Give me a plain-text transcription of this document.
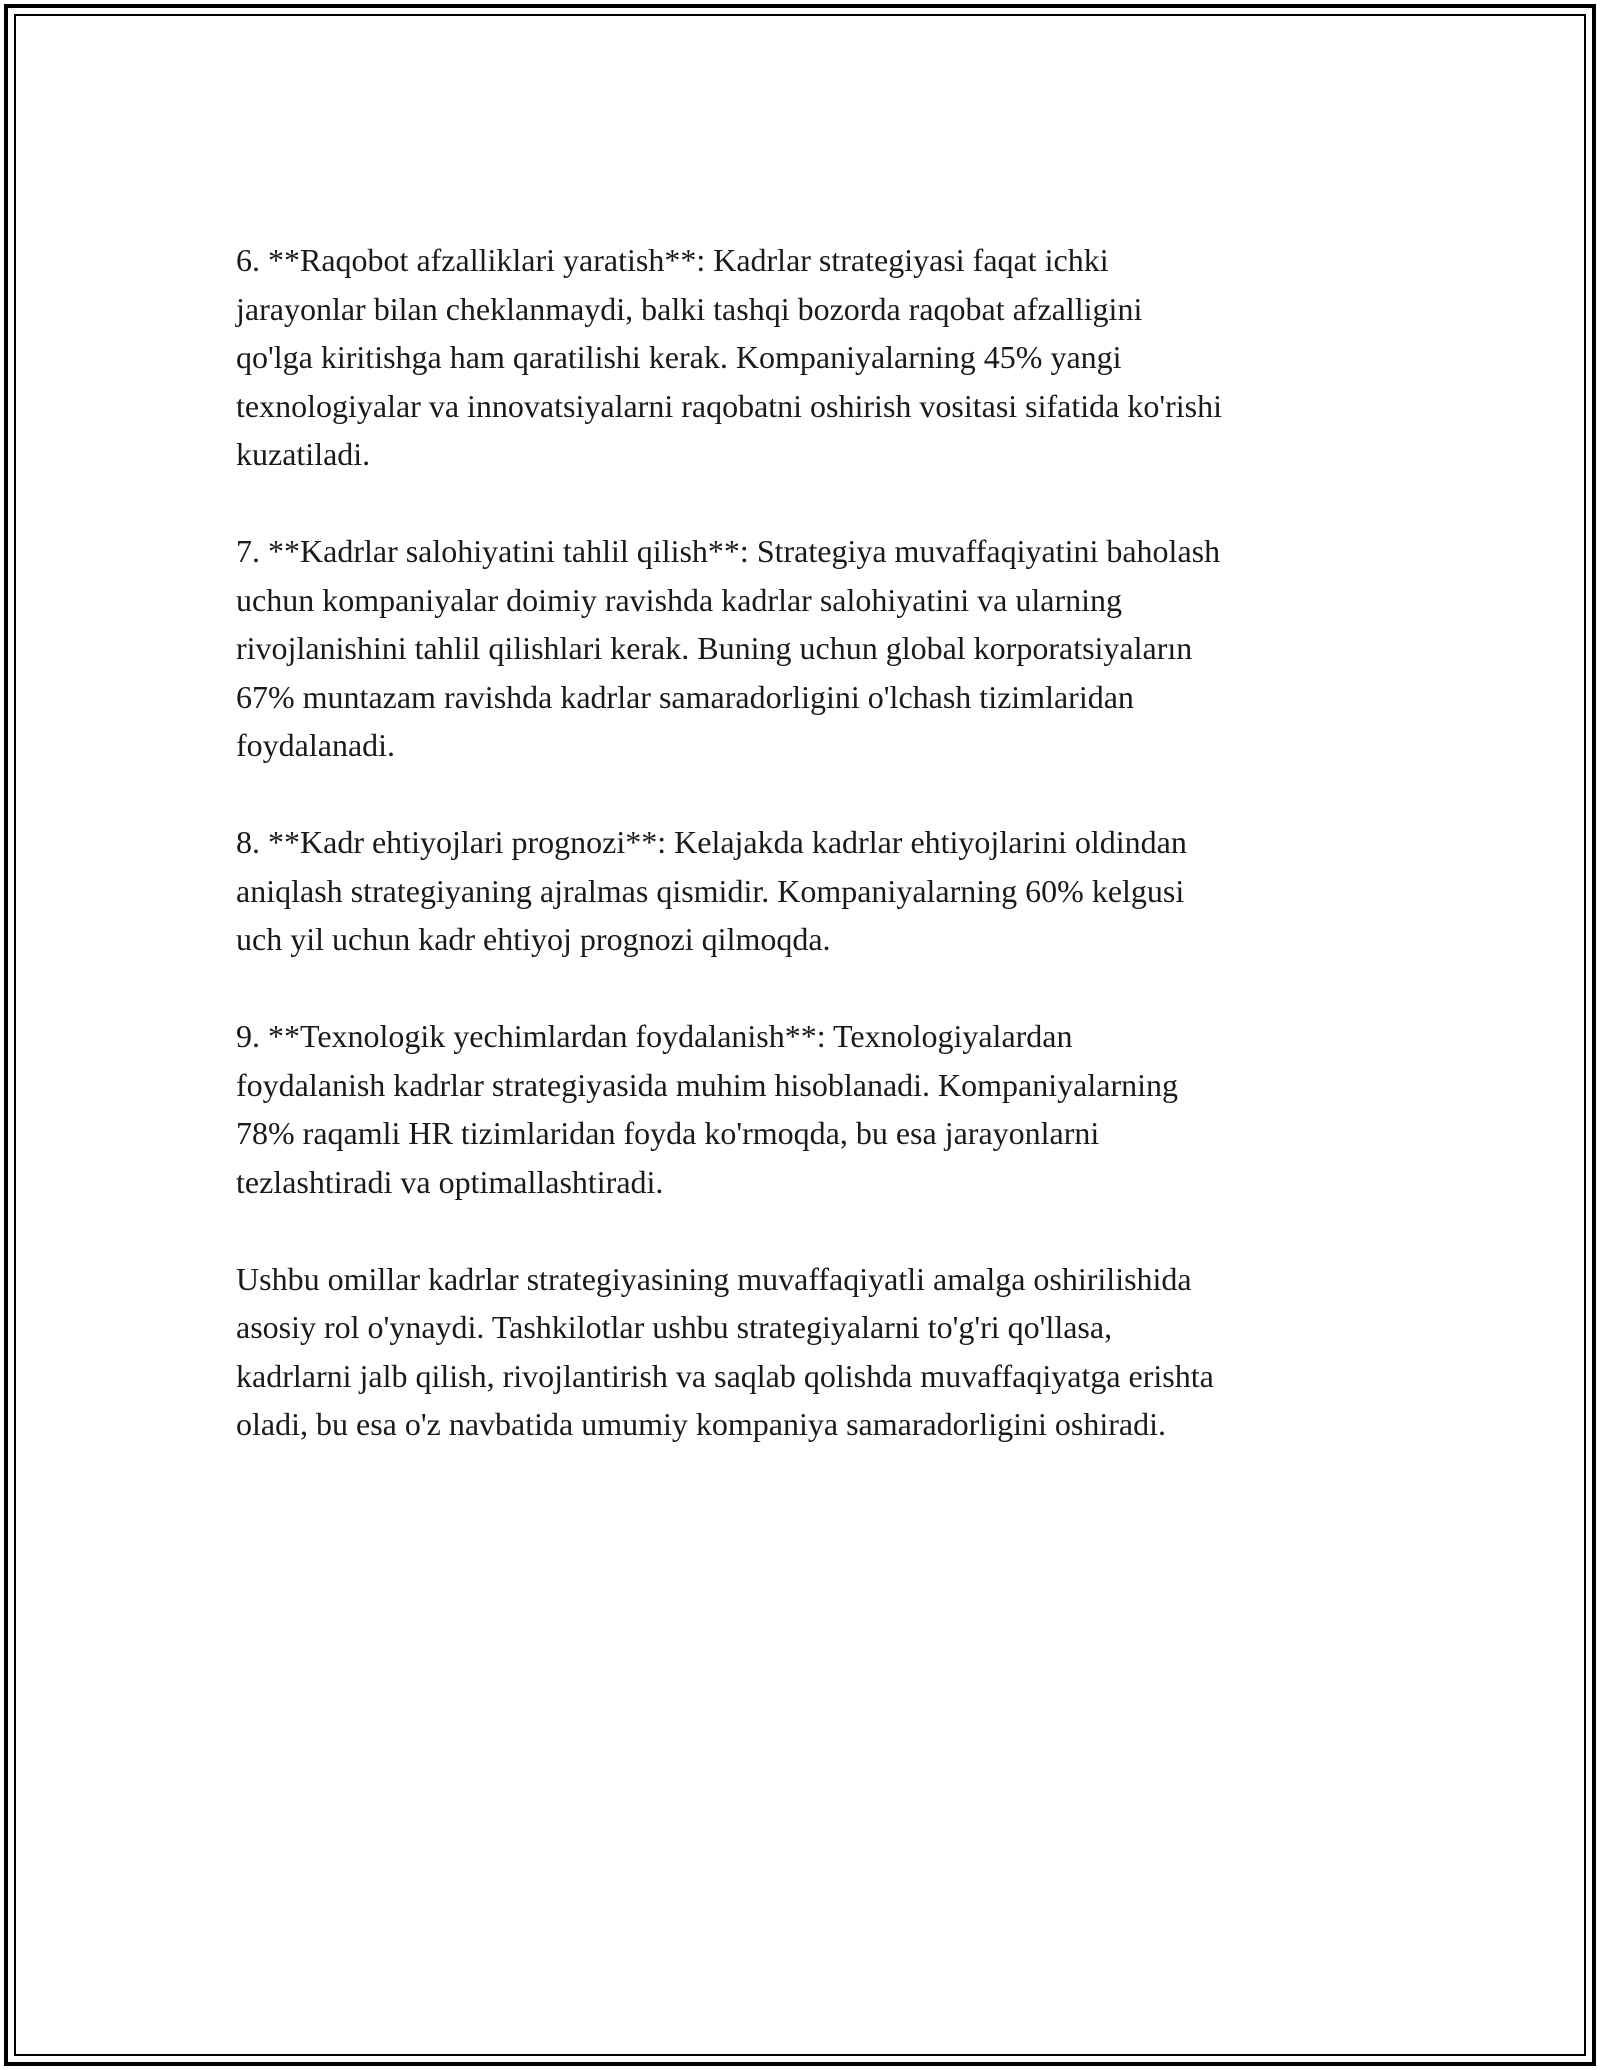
6. **Raqobot afzalliklari yaratish**: Kadrlar strategiyasi faqat ichki
jarayonlar bilan cheklanmaydi, balki tashqi bozorda raqobat afzalligini
qo'lga kiritishga ham qaratilishi kerak. Kompaniyalarning 45% yangi
texnologiyalar va innovatsiyalarni raqobatni oshirish vositasi sifatida ko'rishi
kuzatiladi.

7. **Kadrlar salohiyatini tahlil qilish**: Strategiya muvaffaqiyatini baholash
uchun kompaniyalar doimiy ravishda kadrlar salohiyatini va ularning
rivojlanishini tahlil qilishlari kerak. Buning uchun global korporatsiyaların
67% muntazam ravishda kadrlar samaradorligini o'lchash tizimlaridan
foydalanadi.

8. **Kadr ehtiyojlari prognozi**: Kelajakda kadrlar ehtiyojlarini oldindan
aniqlash strategiyaning ajralmas qismidir. Kompaniyalarning 60% kelgusi
uch yil uchun kadr ehtiyoj prognozi qilmoqda.

9. **Texnologik yechimlardan foydalanish**: Texnologiyalardan
foydalanish kadrlar strategiyasida muhim hisoblanadi. Kompaniyalarning
78% raqamli HR tizimlaridan foyda ko'rmoqda, bu esa jarayonlarni
tezlashtiradi va optimallashtiradi.

Ushbu omillar kadrlar strategiyasining muvaffaqiyatli amalga oshirilishida
asosiy rol o'ynaydi. Tashkilotlar ushbu strategiyalarni to'g'ri qo'llasa,
kadrlarni jalb qilish, rivojlantirish va saqlab qolishda muvaffaqiyatga erishta
oladi, bu esa o'z navbatida umumiy kompaniya samaradorligini oshiradi.
